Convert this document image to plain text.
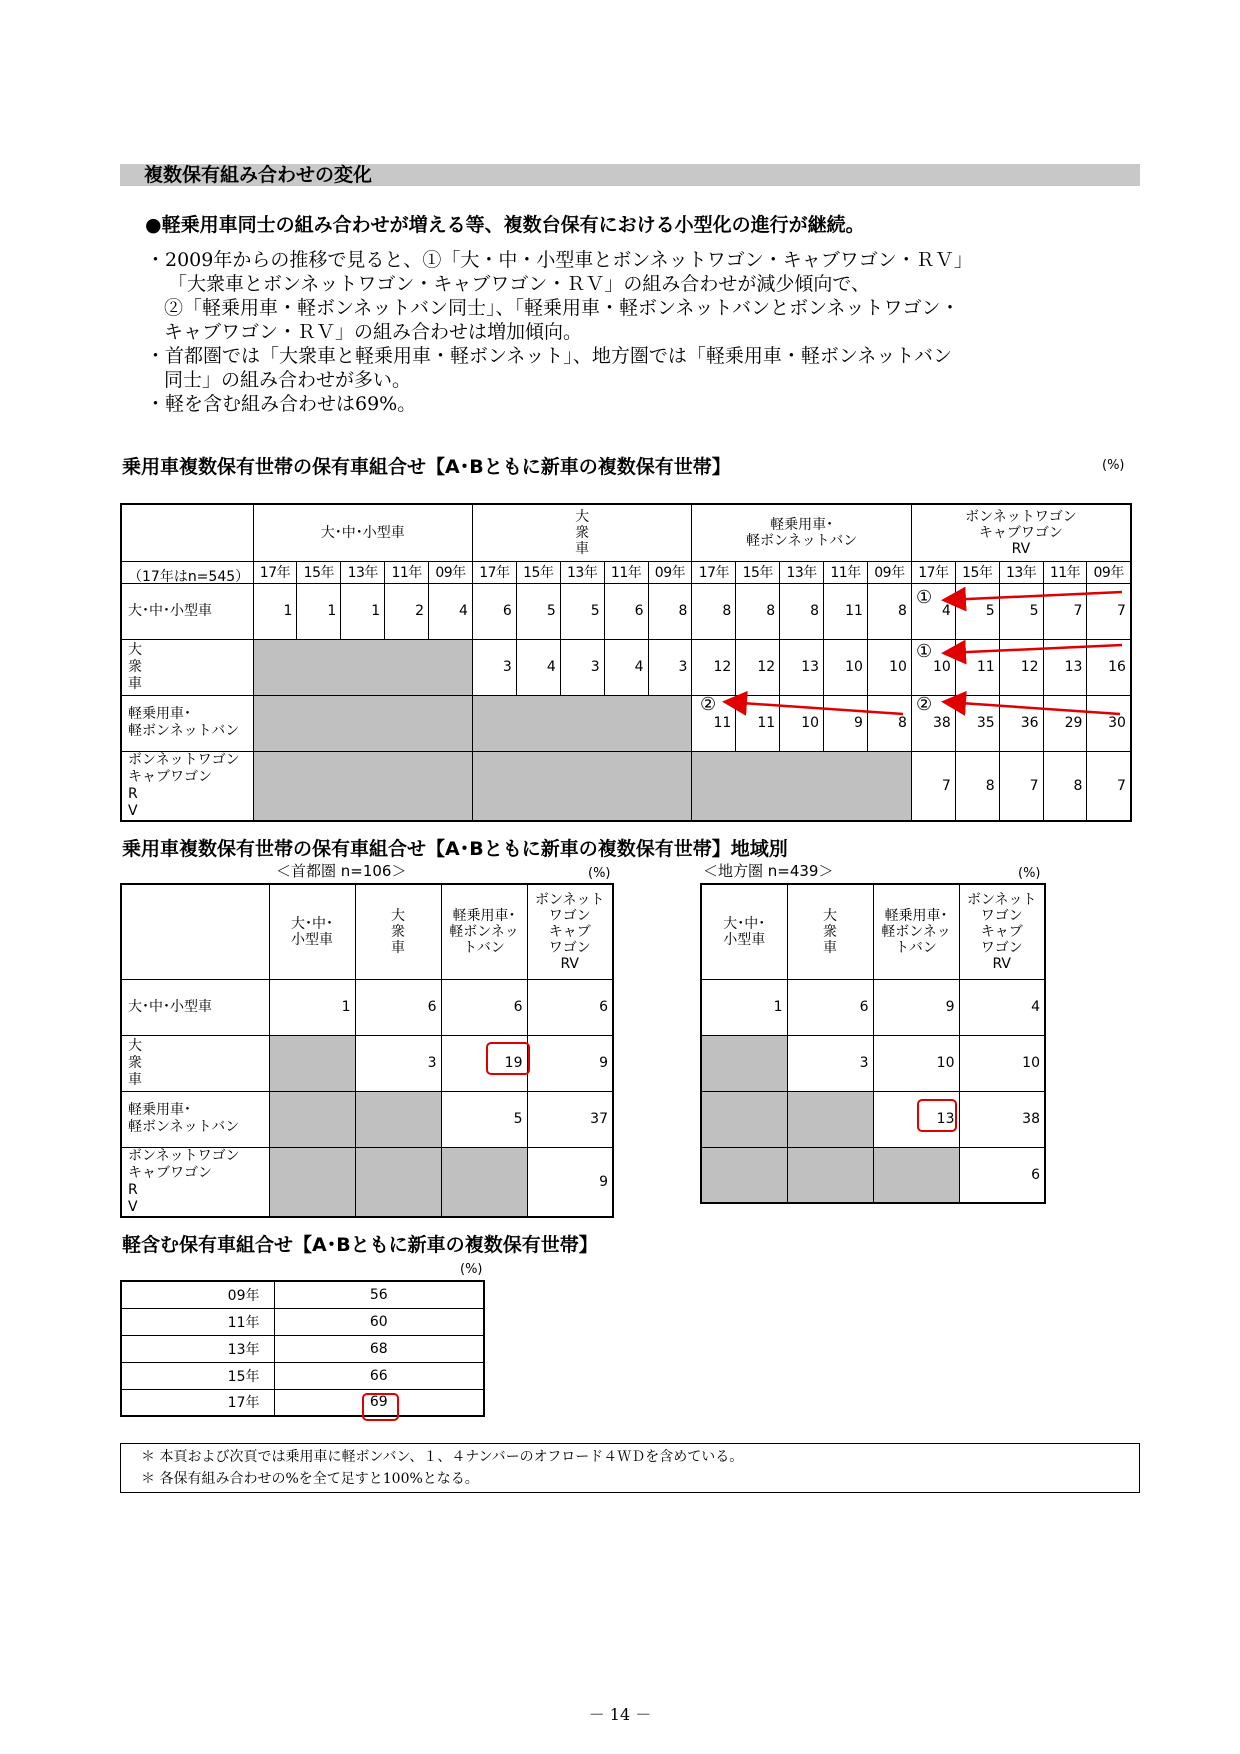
複数保有組み合わせの変化
●軽乗用車同士の組み合わせが増える等、複数台保有における小型化の進行が継続。
・2009年からの推移で見ると、①「大・中・小型車とボンネットワゴン・キャブワゴン・ＲＶ」
「大衆車とボンネットワゴン・キャブワゴン・ＲＶ」の組み合わせが減少傾向で、
②「軽乗用車・軽ボンネットバン同士」、「軽乗用車・軽ボンネットバンとボンネットワゴン・
キャブワゴン・ＲＶ」の組み合わせは増加傾向。
・首都圏では「大衆車と軽乗用車・軽ボンネット」、地方圏では「軽乗用車・軽ボンネットバン
同士」の組み合わせが多い。
・軽を含む組み合わせは69%。
乗用車複数保有世帯の保有車組合せ【A･Bともに新車の複数保有世帯】	(%)
（17年はn=545）
	大･中･小型車					大
衆
車					軽乗用車･
軽ボンネットバン					ボンネットワゴン
キャブワゴン
RV				
	17年	15年	13年	11年	09年	17年	15年	13年	11年	09年	17年	15年	13年	11年	09年	17年	15年	13年	11年	09年
大･中･小型車	1	1	1	2	4	6	5	5	6	8	8	8	8	11	8	4	5	5	7	7
大
衆
車						3	4	3	4	3	12	12	13	10	10	10	11	12	13	16
軽乗用車･
軽ボンネットバン											11	11	10	9	8	38	35	36	29	30
ボンネットワゴン
キャブワゴン
R
V																7	8	7	8	7
乗用車複数保有世帯の保有車組合せ【A･Bともに新車の複数保有世帯】地域別
＜首都圏 n=106＞	(%)	＜地方圏 n=439＞	(%)
	大･中･
小型車	大
衆
車	軽乗用車･
軽ボンネッ
トバン	ボンネット
ワゴン
キャブ
ワゴン
RV
大･中･小型車	1	6	6	6
大
衆
車		3	19	9
軽乗用車･
軽ボンネットバン			5	37
ボンネットワゴン
キャブワゴン
R
V				9
大･中･
小型車	大
衆
車	軽乗用車･
軽ボンネッ
トバン	ボンネット
ワゴン
キャブ
ワゴン
RV
1	6	9	4
	3	10	10
		13	38
			6
軽含む保有車組合せ【A･Bともに新車の複数保有世帯】
(%)
09年	56
11年	60
13年	68
15年	66
17年	69
①
①
②	②
＊ 本頁および次頁では乗用車に軽ボンバン、１、４ナンバーのオフロード４ＷＤを含めている。
＊ 各保有組み合わせの%を全て足すと100%となる。
－ 14 －
